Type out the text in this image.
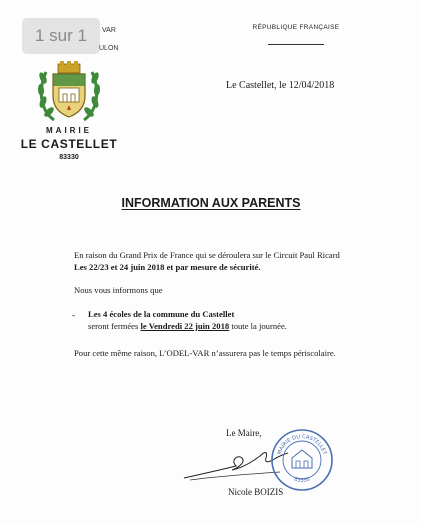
1 sur 1 VAR
ULON
RÉPUBLIQUE FRANÇAISE
MAIRIE
LE CASTELLET
83330
Le Castellet, le 12/04/2018
INFORMATION AUX PARENTS
En raison du Grand Prix de France qui se déroulera sur le Circuit Paul Ricard
Les 22/23 et 24 juin 2018 et par mesure de sécurité.
Nous vous informons que
- Les 4 écoles de la commune du Castellet
seront fermées le Vendredi 22 juin 2018 toute la journée.
Pour cette même raison, L’ODEL-VAR n’assurera pas le temps périscolaire.
Le Maire,
MAIRIE DU CASTELLET
83330
Nicole BOIZIS
